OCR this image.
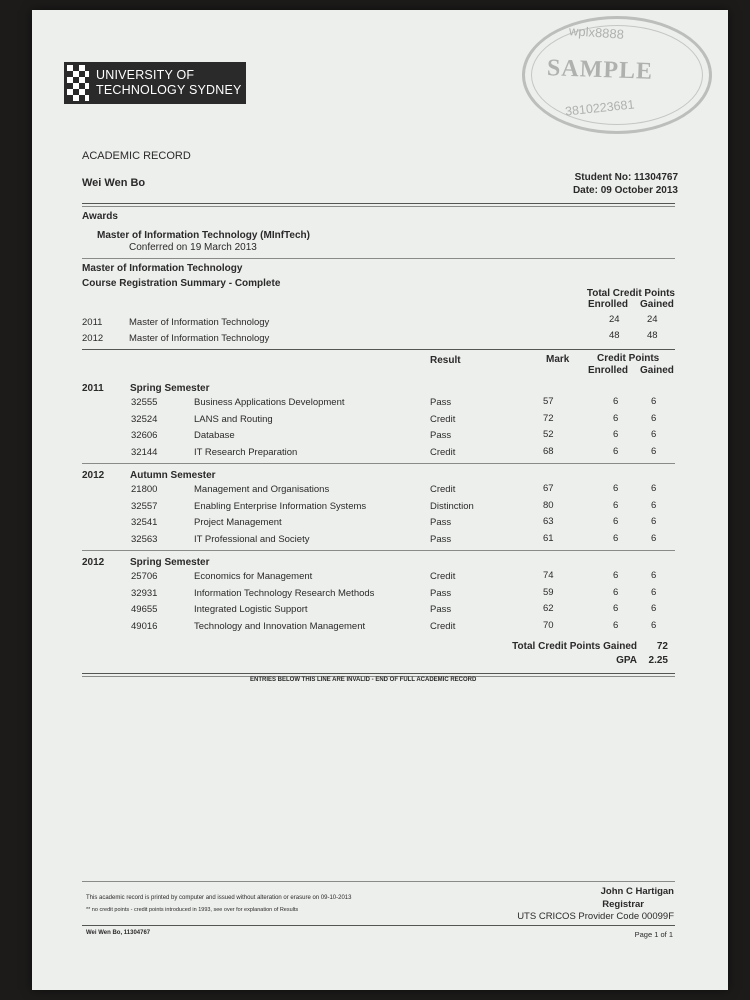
UNIVERSITY OF
TECHNOLOGY SYDNEY
wplx8888
SAMPLE
3810223681
ACADEMIC RECORD
Wei Wen Bo	Student No: 11304767
Date: 09 October 2013
Awards
Master of Information Technology (MInfTech)
Conferred on 19 March 2013
Master of Information Technology
Course Registration Summary - Complete
Total Credit Points
Enrolled Gained
2011	Master of Information Technology	24	24
2012	Master of Information Technology	48	48
Result	Mark	Credit Points
Enrolled Gained
2011	Spring Semester
32555	Business Applications Development	Pass	57	6	6
32524	LANS and Routing	Credit	72	6	6
32606	Database	Pass	52	6	6
32144	IT Research Preparation	Credit	68	6	6
2012	Autumn Semester
21800	Management and Organisations	Credit	67	6	6
32557	Enabling Enterprise Information Systems	Distinction	80	6	6
32541	Project Management	Pass	63	6	6
32563	IT Professional and Society	Pass	61	6	6
2012	Spring Semester
25706	Economics for Management	Credit	74	6	6
32931	Information Technology Research Methods	Pass	59	6	6
49655	Integrated Logistic Support	Pass	62	6	6
49016	Technology and Innovation Management	Credit	70	6	6
Total Credit Points Gained 72
GPA 2.25
ENTRIES BELOW THIS LINE ARE INVALID - END OF FULL ACADEMIC RECORD
This academic record is printed by computer and issued without alteration or erasure on 09-10-2013
** no credit points - credit points introduced in 1993, see over for explanation of Results
John C Hartigan
Registrar
UTS CRICOS Provider Code 00099F
Wei Wen Bo, 11304767	Page 1 of 1
